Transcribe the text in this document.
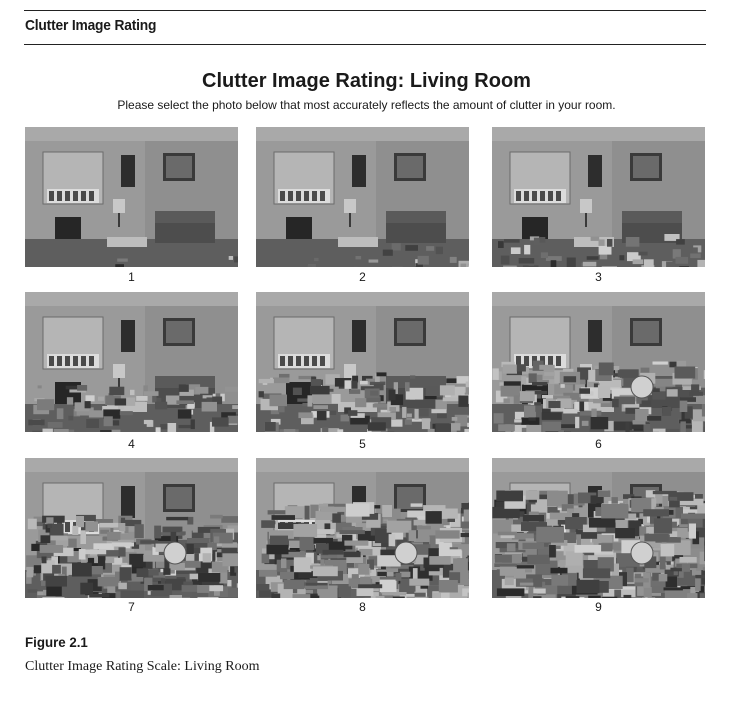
Clutter Image Rating
Clutter Image Rating: Living Room
Please select the photo below that most accurately reflects the amount of clutter in your room.
1	2	3
4	5	6
7	8	9
Figure 2.1
Clutter Image Rating Scale: Living Room
